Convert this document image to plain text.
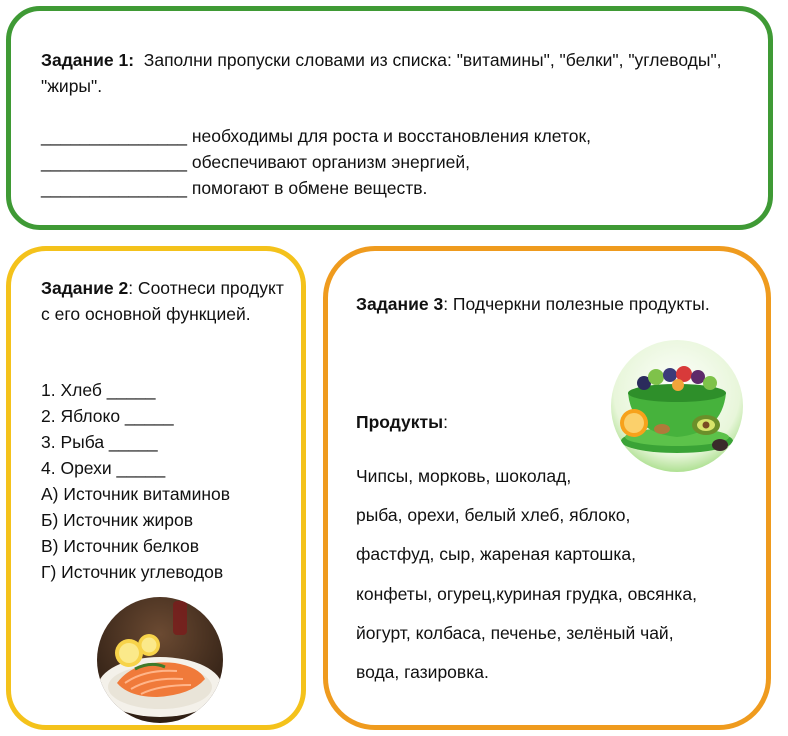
Задание 1: Заполни пропуски словами из списка: "витамины", "белки", "углеводы", "жиры".

_______________ необходимы для роста и восстановления клеток,

_______________ обеспечивают организм энергией,

_______________ помогают в обмене веществ.

Задание 2: Соотнеси продукт с его основной функцией.

1. Хлеб _____

2. Яблоко _____

3. Рыба _____

4. Орехи _____

А) Источник витаминов

Б) Источник жиров

В) Источник белков

Г) Источник углеводов

Задание 3: Подчеркни полезные продукты.

Продукты:

Чипсы, морковь, шоколад,

рыба, орехи, белый хлеб, яблоко,

фастфуд, сыр, жареная картошка,

конфеты, огурец,куриная грудка, овсянка,

йогурт, колбаса, печенье, зелёный чай,

вода, газировка.
